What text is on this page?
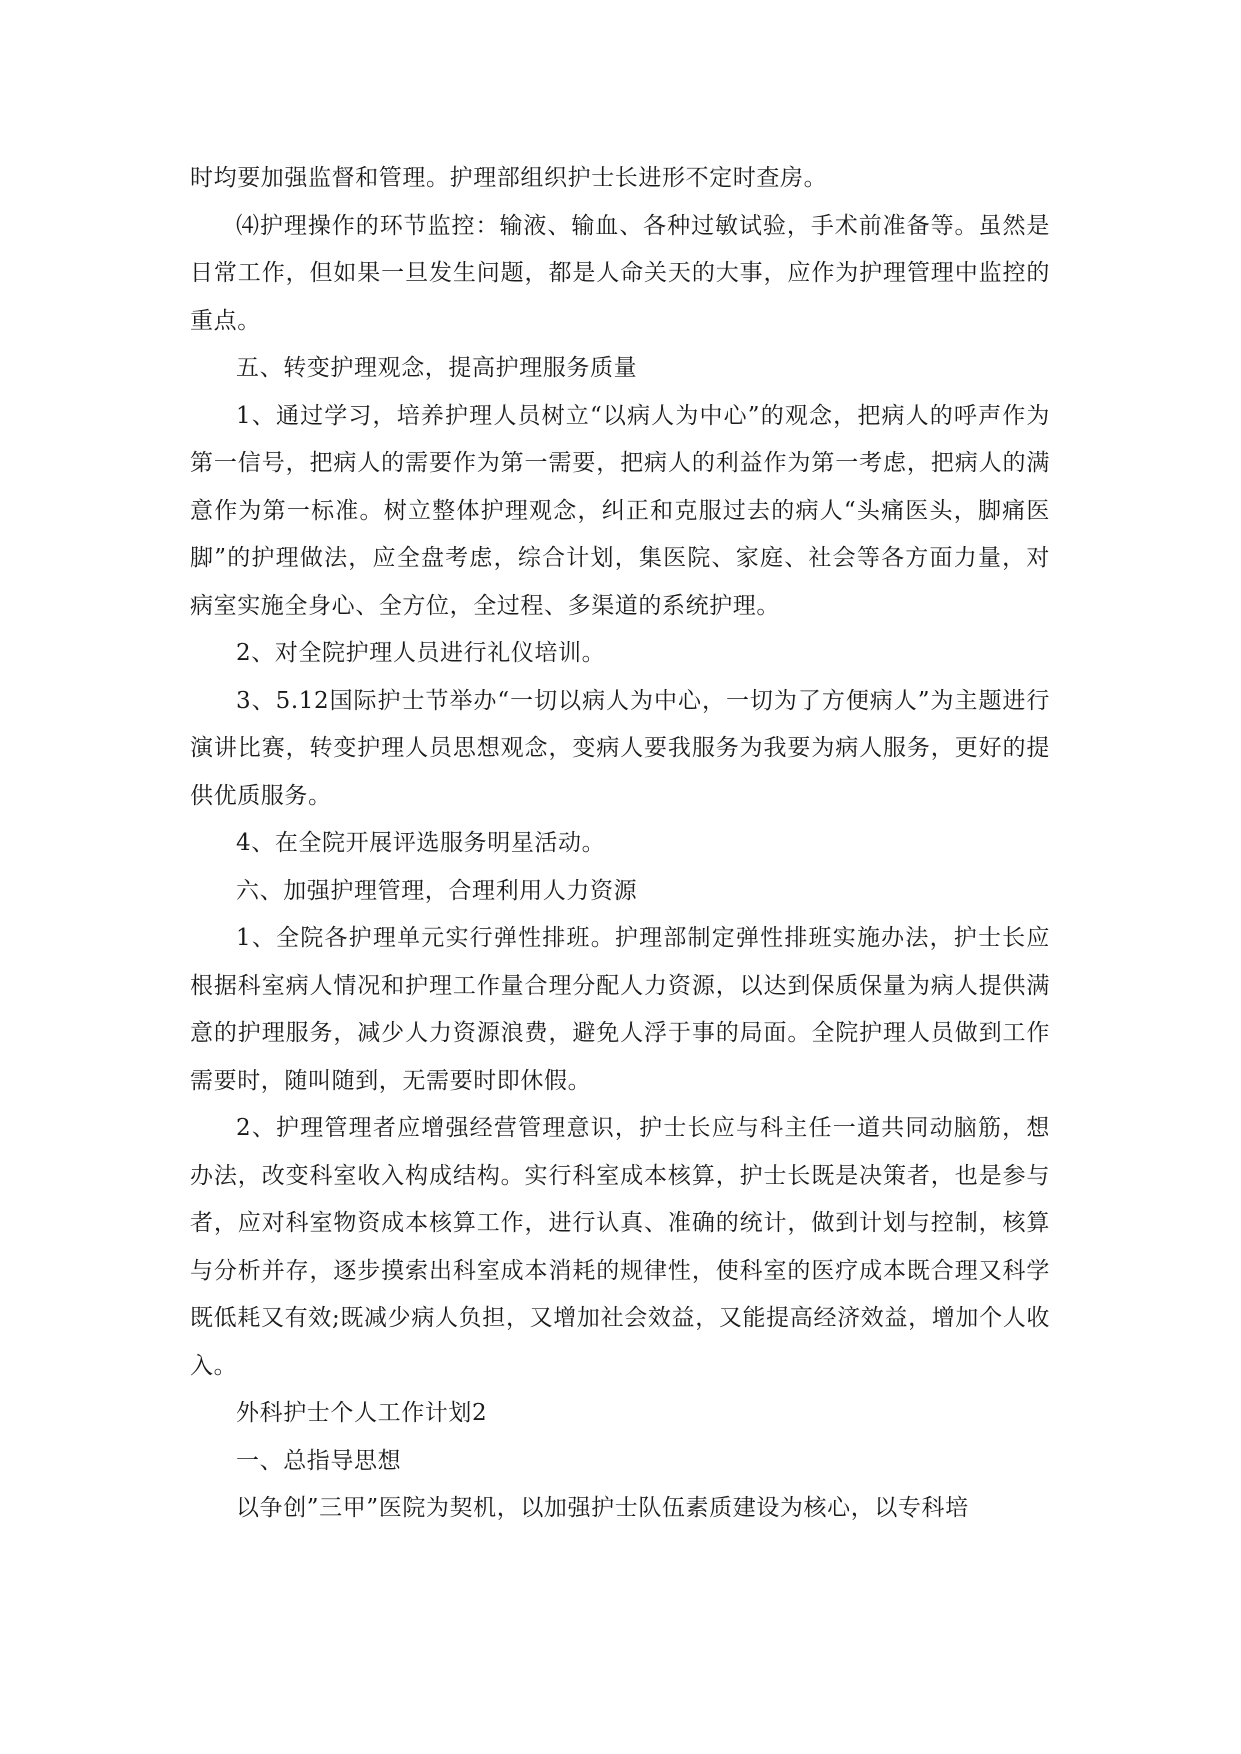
时均要加强监督和管理。护理部组织护士长进形不定时查房。

⑷护理操作的环节监控：输液、输血、各种过敏试验，手术前准备等。虽然是日常工作，但如果一旦发生问题，都是人命关天的大事，应作为护理管理中监控的重点。

五、转变护理观念，提高护理服务质量

1、通过学习，培养护理人员树立“以病人为中心”的观念，把病人的呼声作为第一信号，把病人的需要作为第一需要，把病人的利益作为第一考虑，把病人的满意作为第一标准。树立整体护理观念，纠正和克服过去的病人“头痛医头，脚痛医脚”的护理做法，应全盘考虑，综合计划，集医院、家庭、社会等各方面力量，对病室实施全身心、全方位，全过程、多渠道的系统护理。

2、对全院护理人员进行礼仪培训。

3、5.12国际护士节举办“一切以病人为中心，一切为了方便病人”为主题进行演讲比赛，转变护理人员思想观念，变病人要我服务为我要为病人服务，更好的提供优质服务。

4、在全院开展评选服务明星活动。

六、加强护理管理，合理利用人力资源

1、全院各护理单元实行弹性排班。护理部制定弹性排班实施办法，护士长应根据科室病人情况和护理工作量合理分配人力资源，以达到保质保量为病人提供满意的护理服务，减少人力资源浪费，避免人浮于事的局面。全院护理人员做到工作需要时，随叫随到，无需要时即休假。

2、护理管理者应增强经营管理意识，护士长应与科主任一道共同动脑筋，想办法，改变科室收入构成结构。实行科室成本核算，护士长既是决策者，也是参与者，应对科室物资成本核算工作，进行认真、准确的统计，做到计划与控制，核算与分析并存，逐步摸索出科室成本消耗的规律性，使科室的医疗成本既合理又科学既低耗又有效;既减少病人负担，又增加社会效益，又能提高经济效益，增加个人收入。

外科护士个人工作计划2

一、总指导思想

以争创”三甲”医院为契机，以加强护士队伍素质建设为核心，以专科培
